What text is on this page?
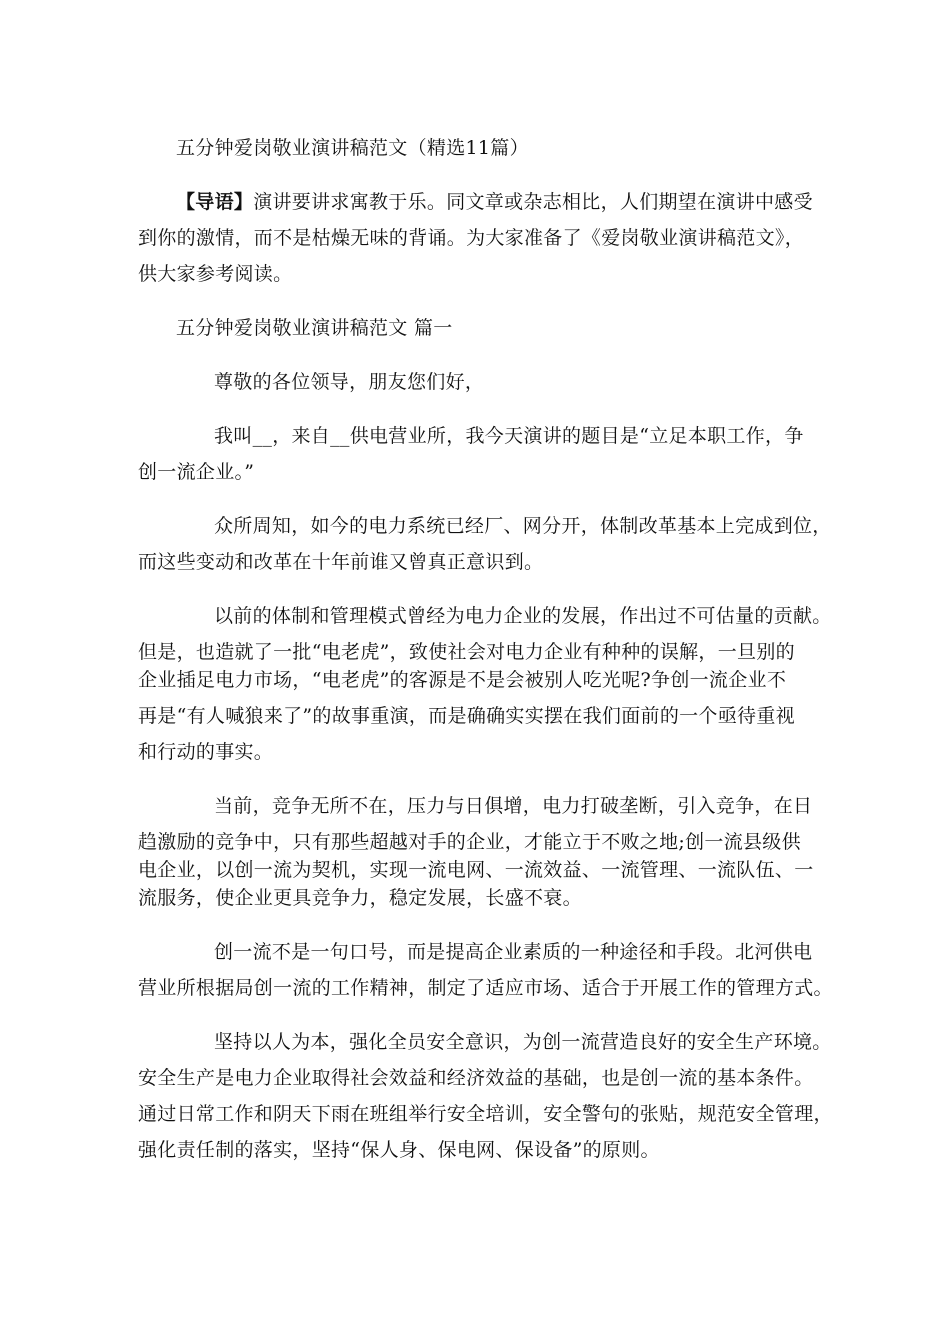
五分钟爱岗敬业演讲稿范文（精选11篇）
【导语】演讲要讲求寓教于乐。同文章或杂志相比，人们期望在演讲中感受
到你的激情，而不是枯燥无味的背诵。为大家准备了《爱岗敬业演讲稿范文》，
供大家参考阅读。
五分钟爱岗敬业演讲稿范文 篇一
尊敬的各位领导，朋友您们好，
我叫__，来自__供电营业所，我今天演讲的题目是“立足本职工作，争
创一流企业。”
众所周知，如今的电力系统已经厂、网分开，体制改革基本上完成到位，
而这些变动和改革在十年前谁又曾真正意识到。
以前的体制和管理模式曾经为电力企业的发展，作出过不可估量的贡献。
但是，也造就了一批“电老虎”，致使社会对电力企业有种种的误解，一旦别的
企业插足电力市场，“电老虎”的客源是不是会被别人吃光呢?争创一流企业不
再是“有人喊狼来了”的故事重演，而是确确实实摆在我们面前的一个亟待重视
和行动的事实。
当前，竞争无所不在，压力与日俱增，电力打破垄断，引入竞争，在日
趋激励的竞争中，只有那些超越对手的企业，才能立于不败之地;创一流县级供
电企业，以创一流为契机，实现一流电网、一流效益、一流管理、一流队伍、一
流服务，使企业更具竞争力，稳定发展，长盛不衰。
创一流不是一句口号，而是提高企业素质的一种途径和手段。北河供电
营业所根据局创一流的工作精神，制定了适应市场、适合于开展工作的管理方式。
坚持以人为本，强化全员安全意识，为创一流营造良好的安全生产环境。
安全生产是电力企业取得社会效益和经济效益的基础，也是创一流的基本条件。
通过日常工作和阴天下雨在班组举行安全培训，安全警句的张贴，规范安全管理，
强化责任制的落实，坚持“保人身、保电网、保设备”的原则。
